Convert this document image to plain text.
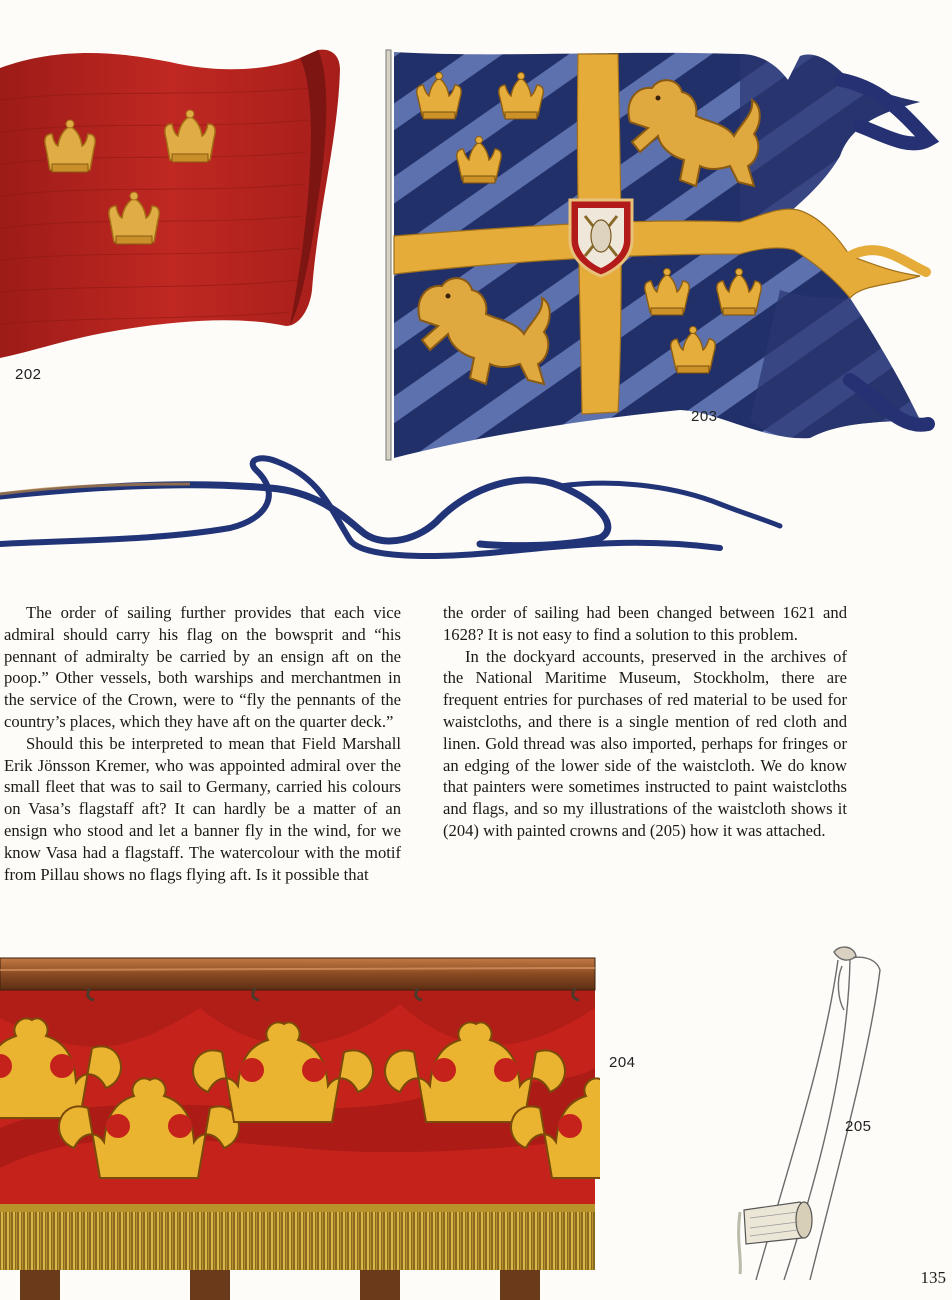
202
203

The order of sailing further provides that each vice admiral should carry his flag on the bowsprit and “his pennant of admiralty be carried by an ensign aft on the poop.” Other vessels, both warships and merchantmen in the service of the Crown, were to “fly the pennants of the country’s places, which they have aft on the quarter deck.”

Should this be interpreted to mean that Field Marshall Erik Jönsson Kremer, who was appointed admiral over the small fleet that was to sail to Germany, carried his colours on Vasa’s flagstaff aft? It can hardly be a matter of an ensign who stood and let a banner fly in the wind, for we know Vasa had a flagstaff. The watercolour with the motif from Pillau shows no flags flying aft. Is it possible that

the order of sailing had been changed between 1621 and 1628? It is not easy to find a solution to this problem.

In the dockyard accounts, preserved in the archives of the National Maritime Museum, Stockholm, there are frequent entries for purchases of red material to be used for waistcloths, and there is a single mention of red cloth and linen. Gold thread was also imported, perhaps for fringes or an edging of the lower side of the waistcloth. We do know that painters were sometimes instructed to paint waistcloths and flags, and so my illustrations of the waistcloth shows it (204) with painted crowns and (205) how it was attached.

204
205
135
